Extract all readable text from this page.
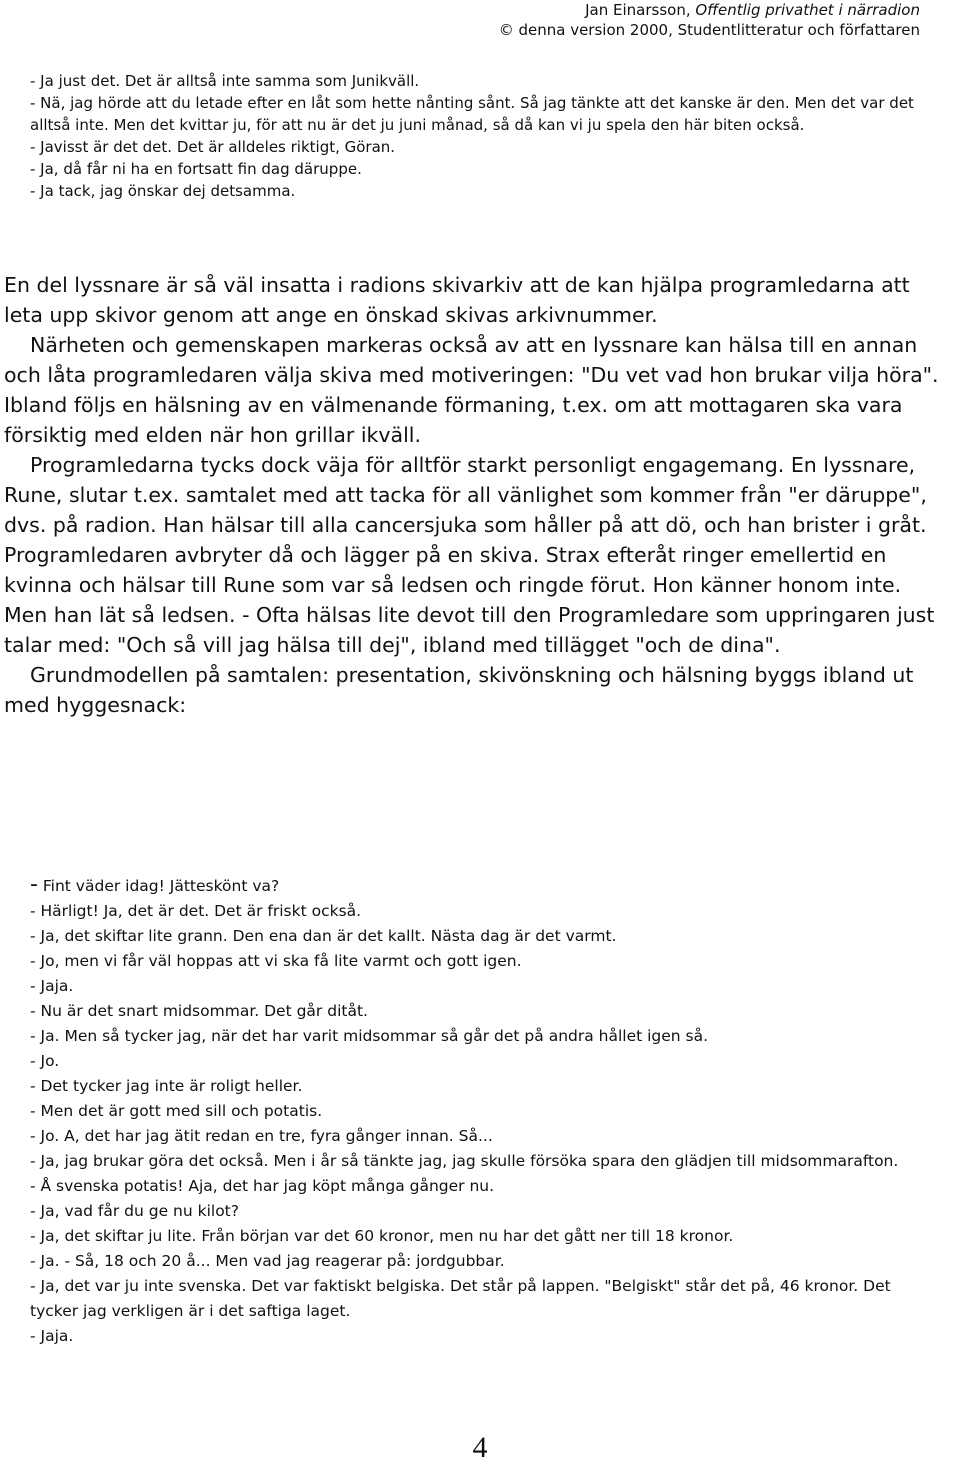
Jan Einarsson, Offentlig privathet i närradion
© denna version 2000, Studentlitteratur och författaren

- Ja just det. Det är alltså inte samma som Junikväll.

- Nä, jag hörde att du letade efter en låt som hette nånting sånt. Så jag tänkte att det kanske är den. Men det var det alltså inte. Men det kvittar ju, för att nu är det ju juni månad, så då kan vi ju spela den här biten också.

- Javisst är det det. Det är alldeles riktigt, Göran.

- Ja, då får ni ha en fortsatt fin dag däruppe.

- Ja tack, jag önskar dej detsamma.

En del lyssnare är så väl insatta i radions skivarkiv att de kan hjälpa programledarna att leta upp skivor genom att ange en önskad skivas arkivnummer.

Närheten och gemenskapen markeras också av att en lyssnare kan hälsa till en annan och låta programledaren välja skiva med motiveringen: "Du vet vad hon brukar vilja höra". Ibland följs en hälsning av en välmenande förmaning, t.ex. om att mottagaren ska vara försiktig med elden när hon grillar ikväll.

Programledarna tycks dock väja för alltför starkt personligt engagemang. En lyssnare, Rune, slutar t.ex. samtalet med att tacka för all vänlighet som kommer från "er däruppe", dvs. på radion. Han hälsar till alla cancersjuka som håller på att dö, och han brister i gråt. Programledaren avbryter då och lägger på en skiva. Strax efteråt ringer emellertid en kvinna och hälsar till Rune som var så ledsen och ringde förut. Hon känner honom inte. Men han lät så ledsen. - Ofta hälsas lite devot till den Programledare som uppringaren just talar med: "Och så vill jag hälsa till dej", ibland med tillägget "och de dina".

Grundmodellen på samtalen: presentation, skivönskning och hälsning byggs ibland ut med hyggesnack:

- Fint väder idag! Jätteskönt va?

- Härligt! Ja, det är det. Det är friskt också.

- Ja, det skiftar lite grann. Den ena dan är det kallt. Nästa dag är det varmt.

- Jo, men vi får väl hoppas att vi ska få lite varmt och gott igen.

- Jaja.

- Nu är det snart midsommar. Det går ditåt.

- Ja. Men så tycker jag, när det har varit midsommar så går det på andra hållet igen så.

- Jo.

- Det tycker jag inte är roligt heller.

- Men det är gott med sill och potatis.

- Jo. A, det har jag ätit redan en tre, fyra gånger innan. Så...

- Ja, jag brukar göra det också. Men i år så tänkte jag, jag skulle försöka spara den glädjen till midsommarafton.

- Å svenska potatis! Aja, det har jag köpt många gånger nu.

- Ja, vad får du ge nu kilot?

- Ja, det skiftar ju lite. Från början var det 60 kronor, men nu har det gått ner till 18 kronor.

- Ja. - Så, 18 och 20 å... Men vad jag reagerar på: jordgubbar.

- Ja, det var ju inte svenska. Det var faktiskt belgiska. Det står på lappen. "Belgiskt" står det på, 46 kronor. Det tycker jag verkligen är i det saftiga laget.

- Jaja.

4
